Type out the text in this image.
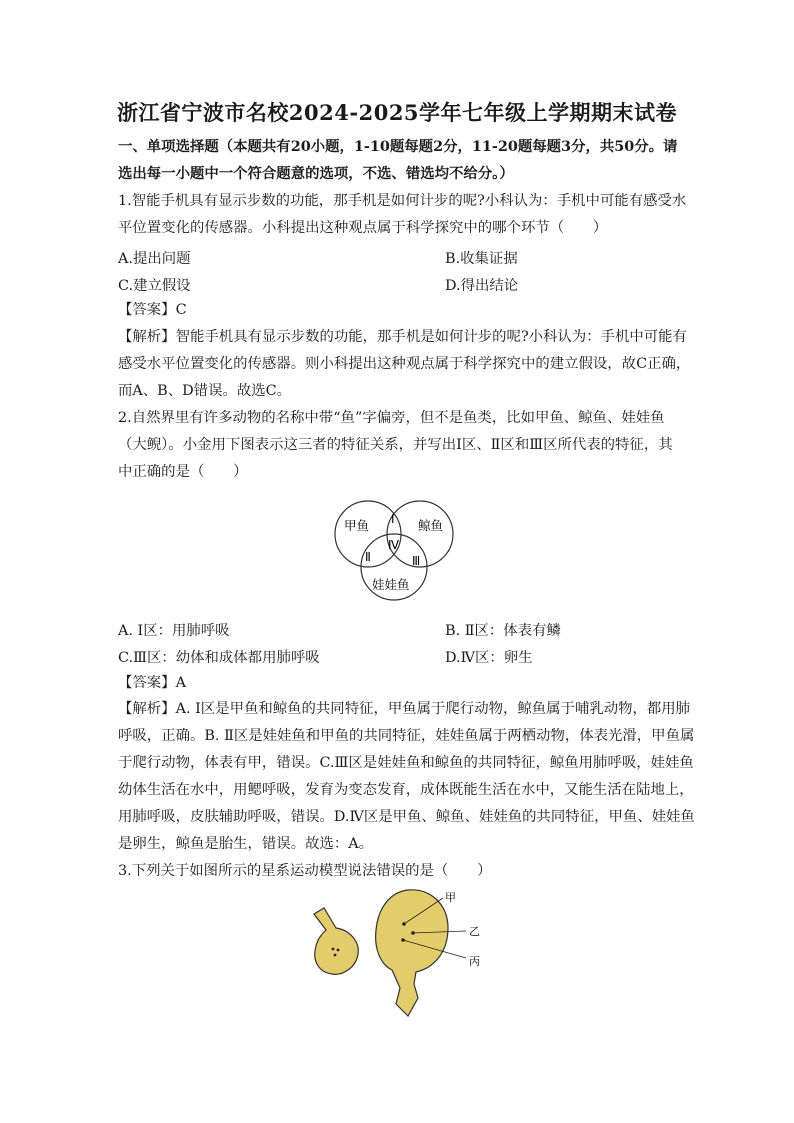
浙江省宁波市名校2024-2025学年七年级上学期期末试卷
一、单项选择题（本题共有20小题，1-10题每题2分，11-20题每题3分，共50分。请
选出每一小题中一个符合题意的选项，不选、错选均不给分。）
1.智能手机具有显示步数的功能，那手机是如何计步的呢?小科认为：手机中可能有感受水
平位置变化的传感器。小科提出这种观点属于科学探究中的哪个环节（　　）
A.提出问题	B.收集证据
C.建立假设	D.得出结论
【答案】C
【解析】智能手机具有显示步数的功能，那手机是如何计步的呢?小科认为：手机中可能有
感受水平位置变化的传感器。则小科提出这种观点属于科学探究中的建立假设，故C正确，
而A、B、D错误。故选C。
2.自然界里有许多动物的名称中带“鱼”字偏旁，但不是鱼类，比如甲鱼、鲸鱼、娃娃鱼
（大鲵）。小金用下图表示这三者的特征关系，并写出Ⅰ区、Ⅱ区和Ⅲ区所代表的特征，其
中正确的是（　　）
甲鱼	鲸鱼
娃娃鱼
Ⅰ
Ⅱ	Ⅲ
Ⅳ
A. Ⅰ区：用肺呼吸	B. Ⅱ区：体表有鳞
C.Ⅲ区：幼体和成体都用肺呼吸	D.Ⅳ区：卵生
【答案】A
【解析】A. Ⅰ区是甲鱼和鲸鱼的共同特征，甲鱼属于爬行动物，鲸鱼属于哺乳动物，都用肺
呼吸，正确。B. Ⅱ区是娃娃鱼和甲鱼的共同特征，娃娃鱼属于两栖动物，体表光滑，甲鱼属
于爬行动物，体表有甲，错误。C.Ⅲ区是娃娃鱼和鲸鱼的共同特征，鲸鱼用肺呼吸，娃娃鱼
幼体生活在水中，用鳃呼吸，发育为变态发育，成体既能生活在水中，又能生活在陆地上，
用肺呼吸，皮肤辅助呼吸，错误。D.Ⅳ区是甲鱼、鲸鱼、娃娃鱼的共同特征，甲鱼、娃娃鱼
是卵生，鲸鱼是胎生，错误。故选：A。
3.下列关于如图所示的星系运动模型说法错误的是（　　）
甲
乙
丙
